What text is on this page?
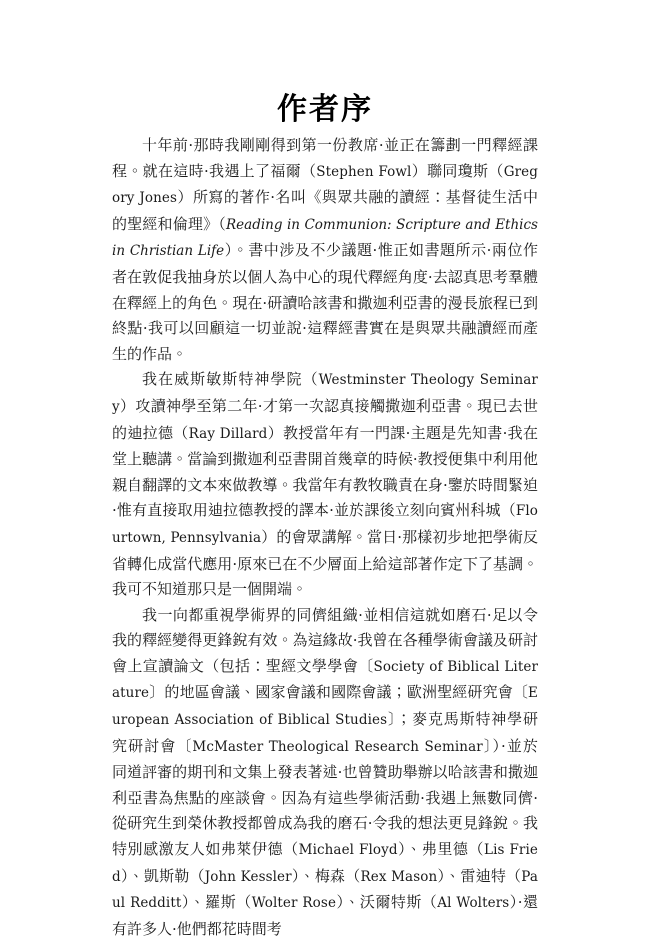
作者序

十年前·那時我剛剛得到第一份教席·並正在籌劃一門釋經課程。就在這時·我遇上了福爾（Stephen Fowl）聯同瓊斯（Gregory Jones）所寫的著作·名叫《與眾共融的讀經：基督徒生活中的聖經和倫理》（Reading in Communion: Scripture and Ethics in Christian Life）。書中涉及不少議題·惟正如書題所示·兩位作者在敦促我抽身於以個人為中心的現代釋經角度·去認真思考羣體在釋經上的角色。現在·研讀哈該書和撒迦利亞書的漫長旅程已到終點·我可以回顧這一切並說·這釋經書實在是與眾共融讀經而產生的作品。

我在威斯敏斯特神學院（Westminster Theology Seminary）攻讀神學至第二年·才第一次認真接觸撒迦利亞書。現已去世的迪拉德（Ray Dillard）教授當年有一門課·主題是先知書·我在堂上聽講。當論到撒迦利亞書開首幾章的時候·教授便集中利用他親自翻譯的文本來做教導。我當年有教牧職責在身·鑒於時間緊迫·惟有直接取用迪拉德教授的譯本·並於課後立刻向賓州科城（Flourtown, Pennsylvania）的會眾講解。當日·那樣初步地把學術反省轉化成當代應用·原來已在不少層面上給這部著作定下了基調。我可不知道那只是一個開端。

我一向都重視學術界的同儕組織·並相信這就如磨石·足以令我的釋經變得更鋒銳有效。為這緣故·我曾在各種學術會議及研討會上宣讀論文（包括：聖經文學學會〔Society of Biblical Literature〕的地區會議、國家會議和國際會議；歐洲聖經研究會〔European Association of Biblical Studies〕；麥克馬斯特神學研究研討會〔McMaster Theological Research Seminar〕）·並於同道評審的期刊和文集上發表著述·也曾贊助舉辦以哈該書和撒迦利亞書為焦點的座談會。因為有這些學術活動·我遇上無數同儕·從研究生到榮休教授都曾成為我的磨石·令我的想法更見鋒銳。我特別感激友人如弗萊伊德（Michael Floyd）、弗里德（Lis Fried）、凱斯勒（John Kessler）、梅森（Rex Mason）、雷迪特（Paul Redditt）、羅斯（Wolter Rose）、沃爾特斯（Al Wolters）·還有許多人·他們都花時間考
